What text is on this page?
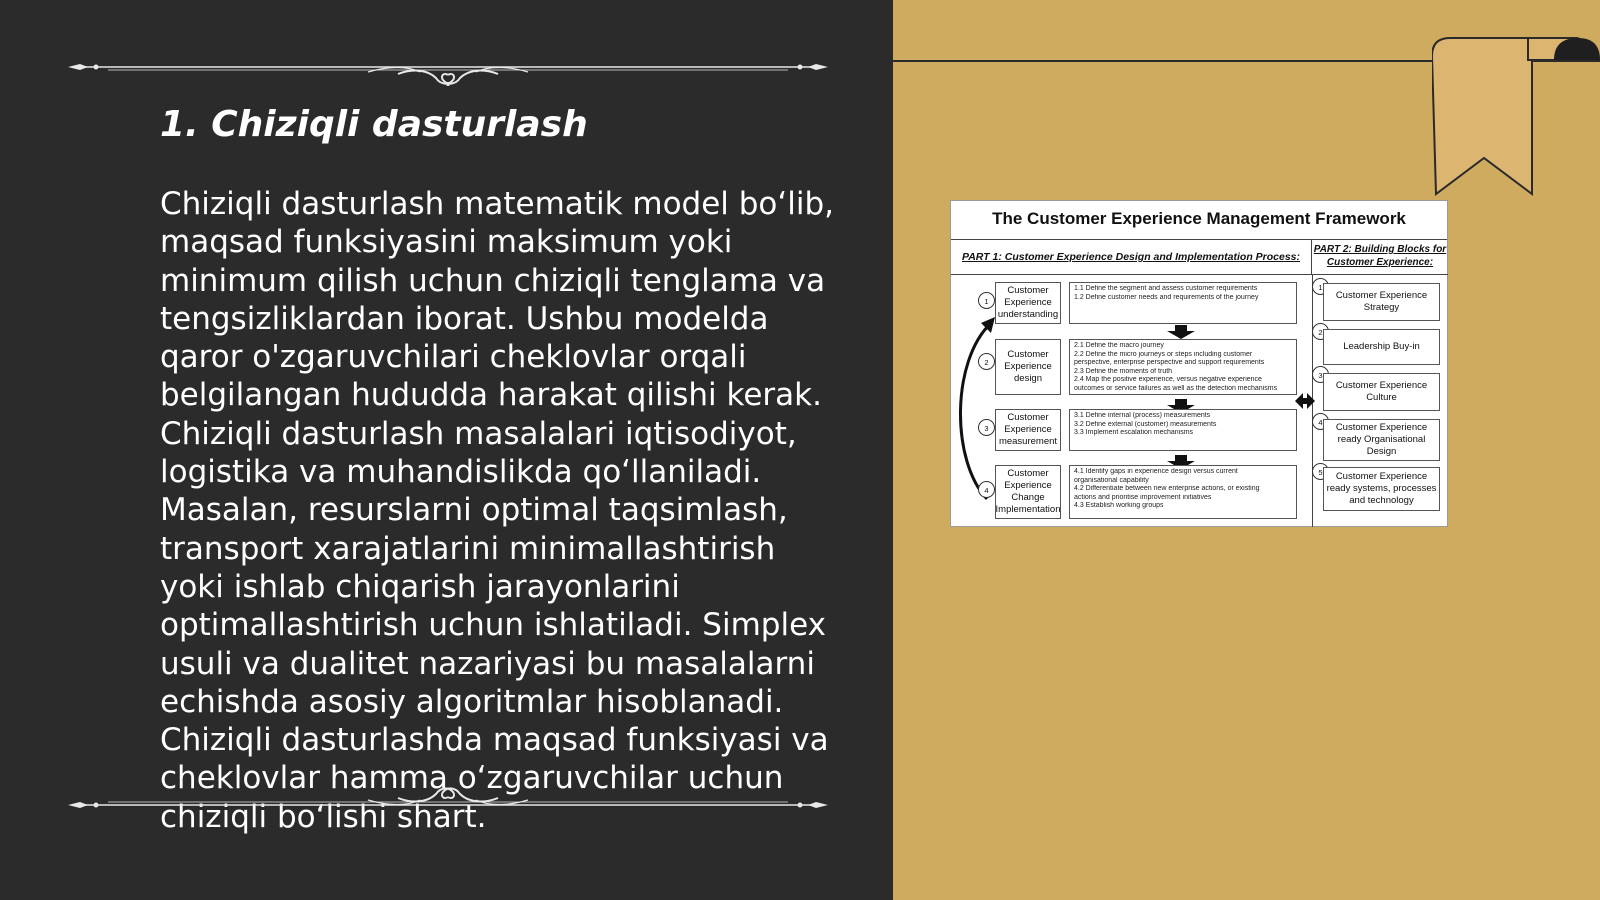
1. Chiziqli dasturlash
Chiziqli dasturlash matematik model bo‘lib, maqsad funksiyasini maksimum yoki minimum qilish uchun chiziqli tenglama va tengsizliklardan iborat. Ushbu modelda qaror o'zgaruvchilari cheklovlar orqali belgilangan hududda harakat qilishi kerak. Chiziqli dasturlash masalalari iqtisodiyot, logistika va muhandislikda qo‘llaniladi. Masalan, resurslarni optimal taqsimlash, transport xarajatlarini minimallashtirish yoki ishlab chiqarish jarayonlarini optimallashtirish uchun ishlatiladi. Simplex usuli va dualitet nazariyasi bu masalalarni echishda asosiy algoritmlar hisoblanadi. Chiziqli dasturlashda maqsad funksiyasi va cheklovlar hamma o‘zgaruvchilar uchun chiziqli bo‘lishi shart.
The Customer Experience Management Framework
PART 1: Customer Experience Design and Implementation Process:
PART 2: Building Blocks for Customer Experience:
1
Customer Experience understanding
1.1 Define the segment and assess customer requirements
1.2 Define customer needs and requirements of the journey
2
Customer Experience design
2.1 Define the macro journey
2.2 Define the micro journeys or steps including customer
perspective, enterprise perspective and support requirements
2.3 Define the moments of truth
2.4 Map the positive experience, versus negative experience
outcomes or service failures as well as the detection mechanisms
3
Customer Experience measurement
3.1 Define internal (process) measurements
3.2 Define external (customer) measurements
3.3 Implement escalation mechanisms
4
Customer Experience Change Implementation
4.1 Identify gaps in experience design versus current
organisational capability
4.2 Differentiate between new enterprise actions, or existing
actions and prioritise improvement initiatives
4.3 Establish working groups
1
Customer Experience Strategy
2
Leadership Buy-in
3
Customer Experience Culture
4	Customer Experience ready Organisational Design
5	Customer Experience ready systems, processes and technology
